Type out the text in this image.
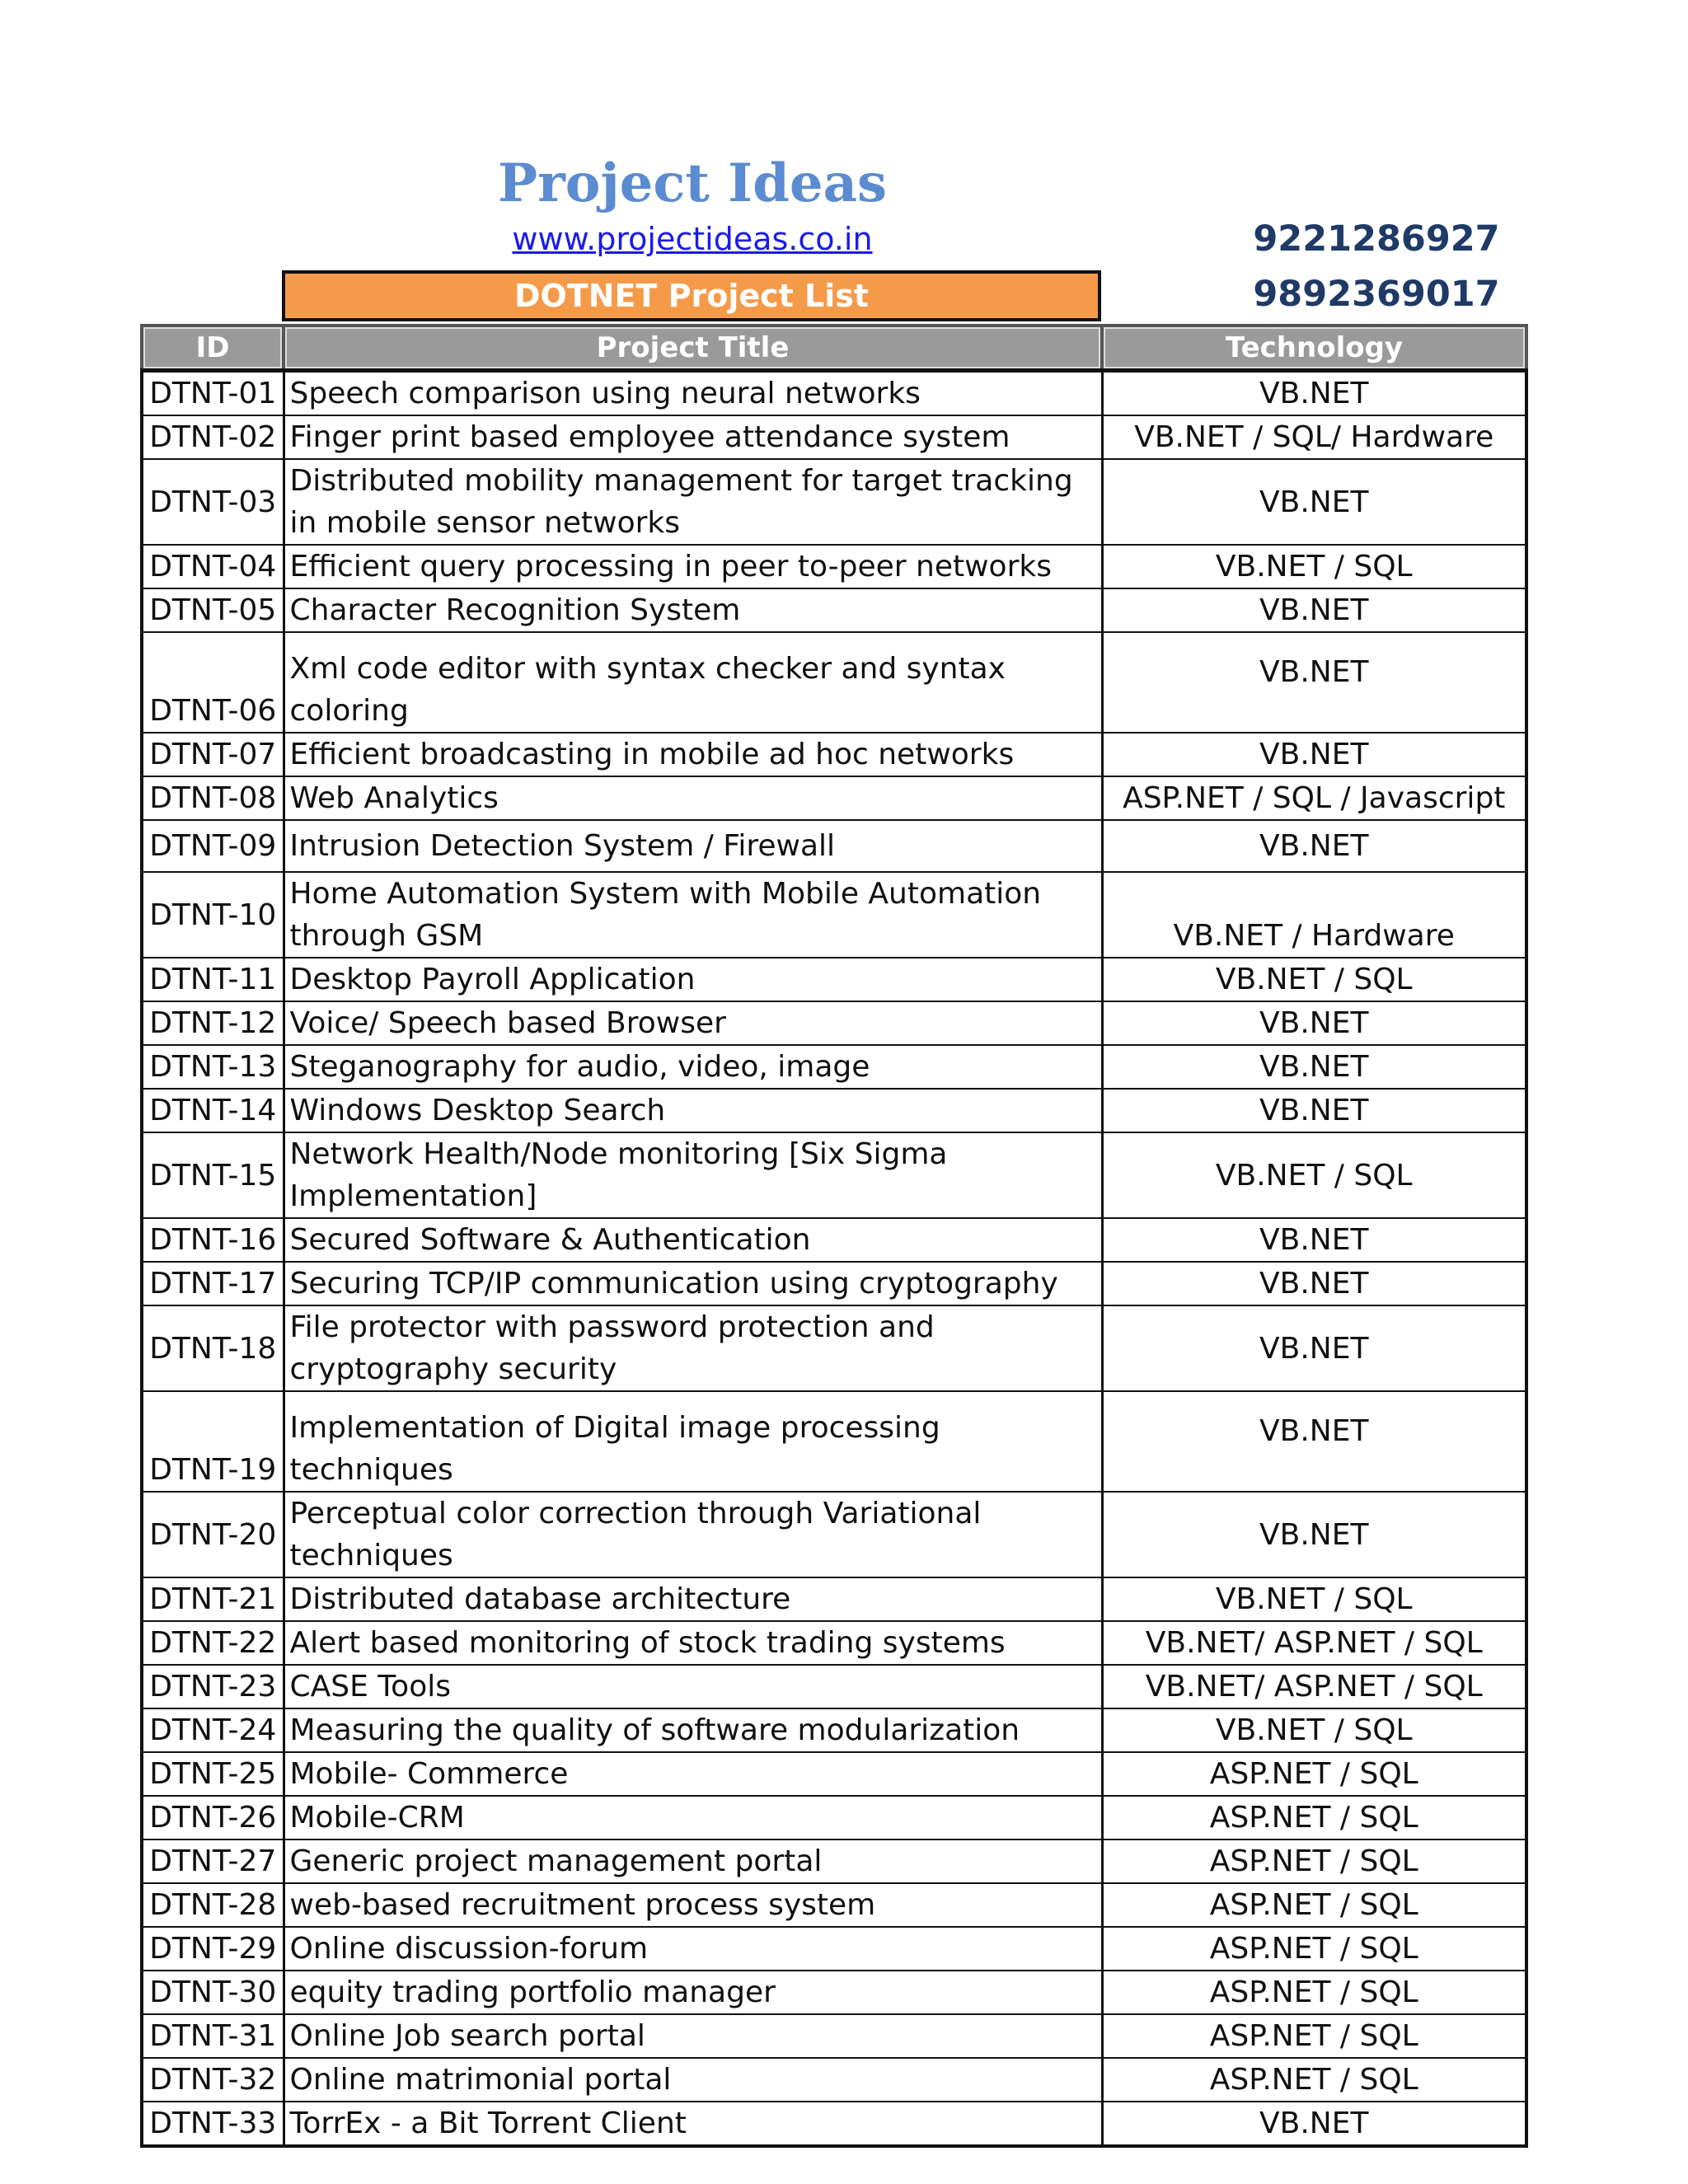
Project Ideas
www.projectideas.co.in	9221286927
9892369017
DOTNET Project List
ID	Project Title	Technology
DTNT-01	Speech comparison using neural networks	VB.NET
DTNT-02	Finger print based employee attendance system	VB.NET / SQL/ Hardware
DTNT-03	Distributed mobility management for target tracking in mobile sensor networks	VB.NET
DTNT-04	Efficient query processing in peer to-peer networks	VB.NET / SQL
DTNT-05	Character Recognition System	VB.NET
DTNT-06	Xml code editor with syntax checker and syntax coloring	VB.NET
DTNT-07	Efficient broadcasting in mobile ad hoc networks	VB.NET
DTNT-08	Web Analytics	ASP.NET / SQL / Javascript
DTNT-09	Intrusion Detection System / Firewall	VB.NET
DTNT-10	Home Automation System with Mobile Automation through GSM	VB.NET / Hardware
DTNT-11	Desktop Payroll Application	VB.NET / SQL
DTNT-12	Voice/ Speech based Browser	VB.NET
DTNT-13	Steganography for audio, video, image	VB.NET
DTNT-14	Windows Desktop Search	VB.NET
DTNT-15	Network Health/Node monitoring [Six Sigma Implementation]	VB.NET / SQL
DTNT-16	Secured Software & Authentication	VB.NET
DTNT-17	Securing TCP/IP communication using cryptography	VB.NET
DTNT-18	File protector with password protection and cryptography security	VB.NET
DTNT-19	Implementation of Digital image processing techniques	VB.NET
DTNT-20	Perceptual color correction through Variational techniques	VB.NET
DTNT-21	Distributed database architecture	VB.NET / SQL
DTNT-22	Alert based monitoring of stock trading systems	VB.NET/ ASP.NET / SQL
DTNT-23	CASE Tools	VB.NET/ ASP.NET / SQL
DTNT-24	Measuring the quality of software modularization	VB.NET / SQL
DTNT-25	Mobile- Commerce	ASP.NET / SQL
DTNT-26	Mobile-CRM	ASP.NET / SQL
DTNT-27	Generic project management portal	ASP.NET / SQL
DTNT-28	web-based recruitment process system	ASP.NET / SQL
DTNT-29	Online discussion-forum	ASP.NET / SQL
DTNT-30	equity trading portfolio manager	ASP.NET / SQL
DTNT-31	Online Job search portal	ASP.NET / SQL
DTNT-32	Online matrimonial portal	ASP.NET / SQL
DTNT-33	TorrEx - a Bit Torrent Client	VB.NET
